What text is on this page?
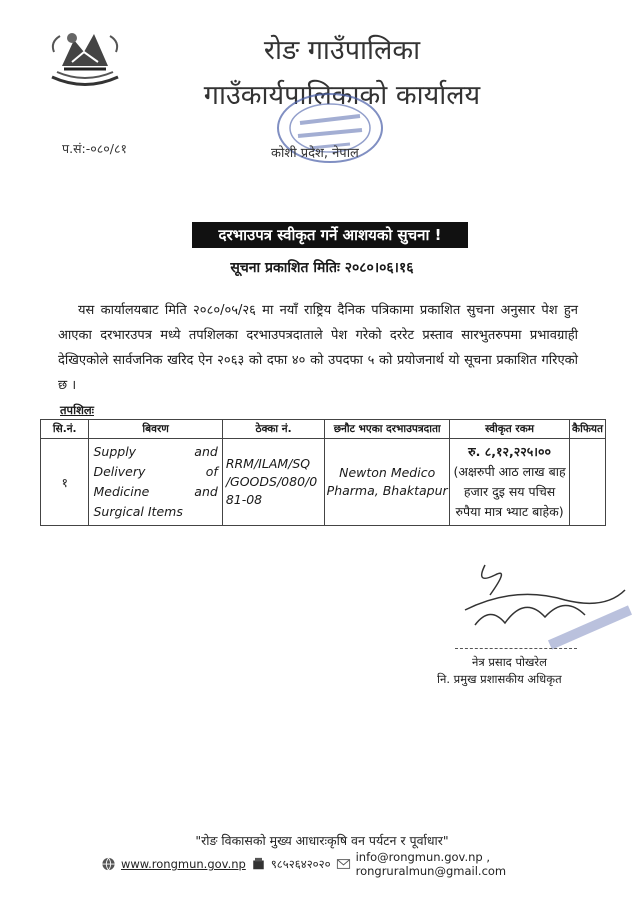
रोङ गाउँपालिका
गाउँकार्यपालिकाको कार्यालय
प.सं:-०८०/८१	कोशी प्रदेश, नेपाल
दरभाउपत्र स्वीकृत गर्ने आशयको सुचना !
सूचना प्रकाशित मितिः २०८०।०६।१६
यस कार्यालयबाट मिति २०८०/०५/२६ मा नयाँ राष्ट्रिय दैनिक पत्रिकामा प्रकाशित सुचना अनुसार पेश हुन आएका दरभारउपत्र मध्ये तपशिलका दरभाउपत्रदाताले पेश गरेको दररेट प्रस्ताव सारभुतरुपमा प्रभावग्राही देखिएकोले सार्वजनिक खरिद ऐन २०६३ को दफा ४० को उपदफा ५ को प्रयोजनार्थ यो सूचना प्रकाशित गरिएको छ ।
तपशिलः
सि.नं.	बिवरण	ठेक्का नं.	छनौट भएका दरभाउपत्रदाता	स्वीकृत रकम	कैफियत
१	Supply and Delivery of Medicine and Surgical Items	RRM/ILAM/SQ /GOODS/080/0 81-08	Newton Medico Pharma, Bhaktapur	रु. ८,१२,२२५।००
(अक्षरुपी आठ लाख बाह हजार दुइ सय पचिस रुपैया मात्र भ्याट बाहेक)	

नेत्र प्रसाद पोखरेल
नि. प्रमुख प्रशासकीय अधिकृत
"रोङ विकासको मुख्य आधारःकृषि वन पर्यटन र पूर्वाधार"
www.rongmun.gov.np ९८५२६४२०२० info@rongmun.gov.np , rongruralmun@gmail.com
